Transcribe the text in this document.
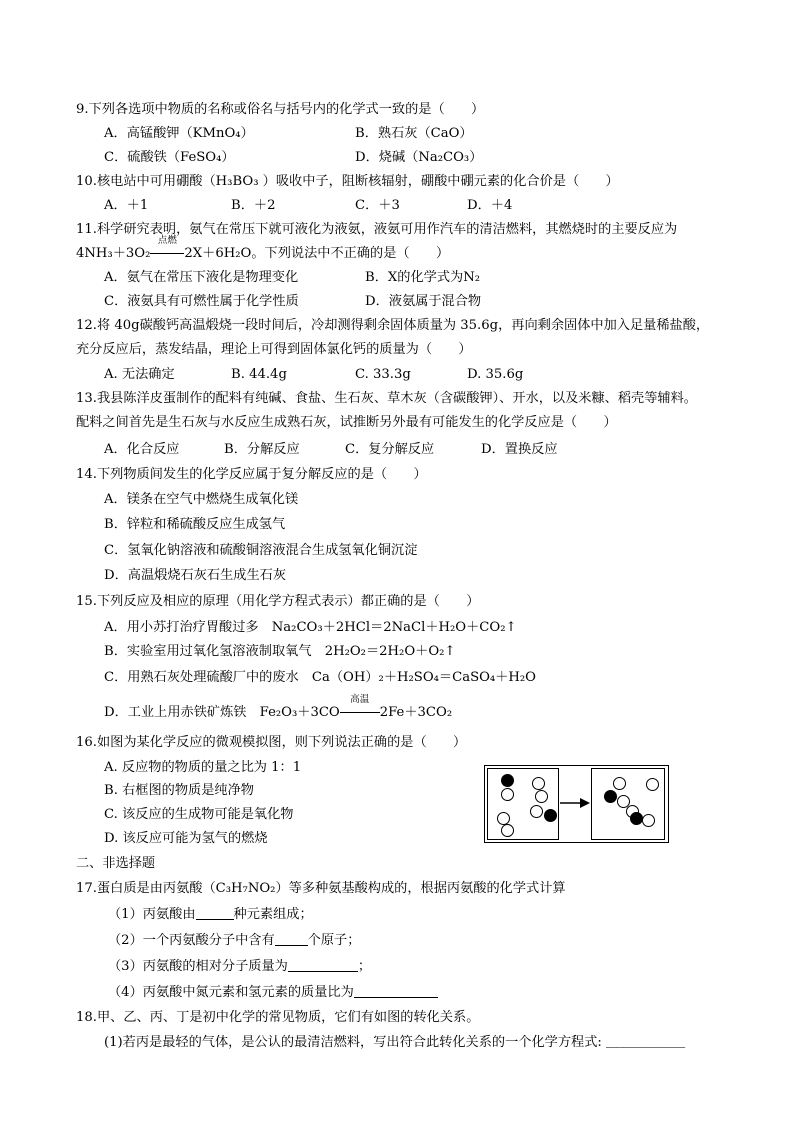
9.下列各选项中物质的名称或俗名与括号内的化学式一致的是（　　）
A．高锰酸钾（KMnO₄）	B．熟石灰（CaO）
C．硫酸铁（FeSO₄）	D．烧碱（Na₂CO₃）
10.核电站中可用硼酸（H₃BO₃ ）吸收中子，阻断核辐射，硼酸中硼元素的化合价是（　　）
A．＋1	B．＋2	C．＋3	D．＋4
11.科学研究表明，氨气在常压下就可液化为液氨，液氨可用作汽车的清洁燃料，其燃烧时的主要反应为
4NH₃＋3O₂
点燃
2X＋6H₂O。下列说法中不正确的是（　　）
A．氨气在常压下液化是物理变化	B．X的化学式为N₂
C．液氨具有可燃性属于化学性质	D．液氨属于混合物
12.将 40g碳酸钙高温煅烧一段时间后，冷却测得剩余固体质量为 35.6g，再向剩余固体中加入足量稀盐酸，
充分反应后，蒸发结晶，理论上可得到固体氯化钙的质量为（　　）
A. 无法确定	B. 44.4g	C. 33.3g	D. 35.6g
13.我县陈洋皮蛋制作的配料有纯碱、食盐、生石灰、草木灰（含碳酸钾）、开水，以及米糠、稻壳等辅料。
配料之间首先是生石灰与水反应生成熟石灰，试推断另外最有可能发生的化学反应是（　　）
A．化合反应	B．分解反应	C．复分解反应	D．置换反应
14.下列物质间发生的化学反应属于复分解反应的是（　　）
A．镁条在空气中燃烧生成氧化镁
B．锌粒和稀硫酸反应生成氢气
C．氢氧化钠溶液和硫酸铜溶液混合生成氢氧化铜沉淀
D．高温煅烧石灰石生成生石灰
15.下列反应及相应的原理（用化学方程式表示）都正确的是（　　）
A．用小苏打治疗胃酸过多　Na₂CO₃＋2HCl＝2NaCl＋H₂O＋CO₂↑
B．实验室用过氧化氢溶液制取氧气　2H₂O₂＝2H₂O＋O₂↑
C．用熟石灰处理硫酸厂中的废水　Ca（OH）₂＋H₂SO₄＝CaSO₄＋H₂O
D．工业上用赤铁矿炼铁　Fe₂O₃＋3CO
高温
2Fe＋3CO₂
16.如图为某化学反应的微观模拟图，则下列说法正确的是（　　）
A. 反应物的物质的量之比为 1：1
B. 右框图的物质是纯净物
C. 该反应的生成物可能是氧化物
D. 该反应可能为氢气的燃烧
二、非选择题
17.蛋白质是由丙氨酸（C₃H₇NO₂）等多种氨基酸构成的，根据丙氨酸的化学式计算
（1）丙氨酸由	种元素组成；
（2）一个丙氨酸分子中含有	个原子；
（3）丙氨酸的相对分子质量为	；
（4）丙氨酸中氮元素和氢元素的质量比为
18.甲、乙、丙、丁是初中化学的常见物质，它们有如图的转化关系。
(1)若丙是最轻的气体，是公认的最清洁燃料，写出符合此转化关系的一个化学方程式: ＿＿＿＿＿＿
